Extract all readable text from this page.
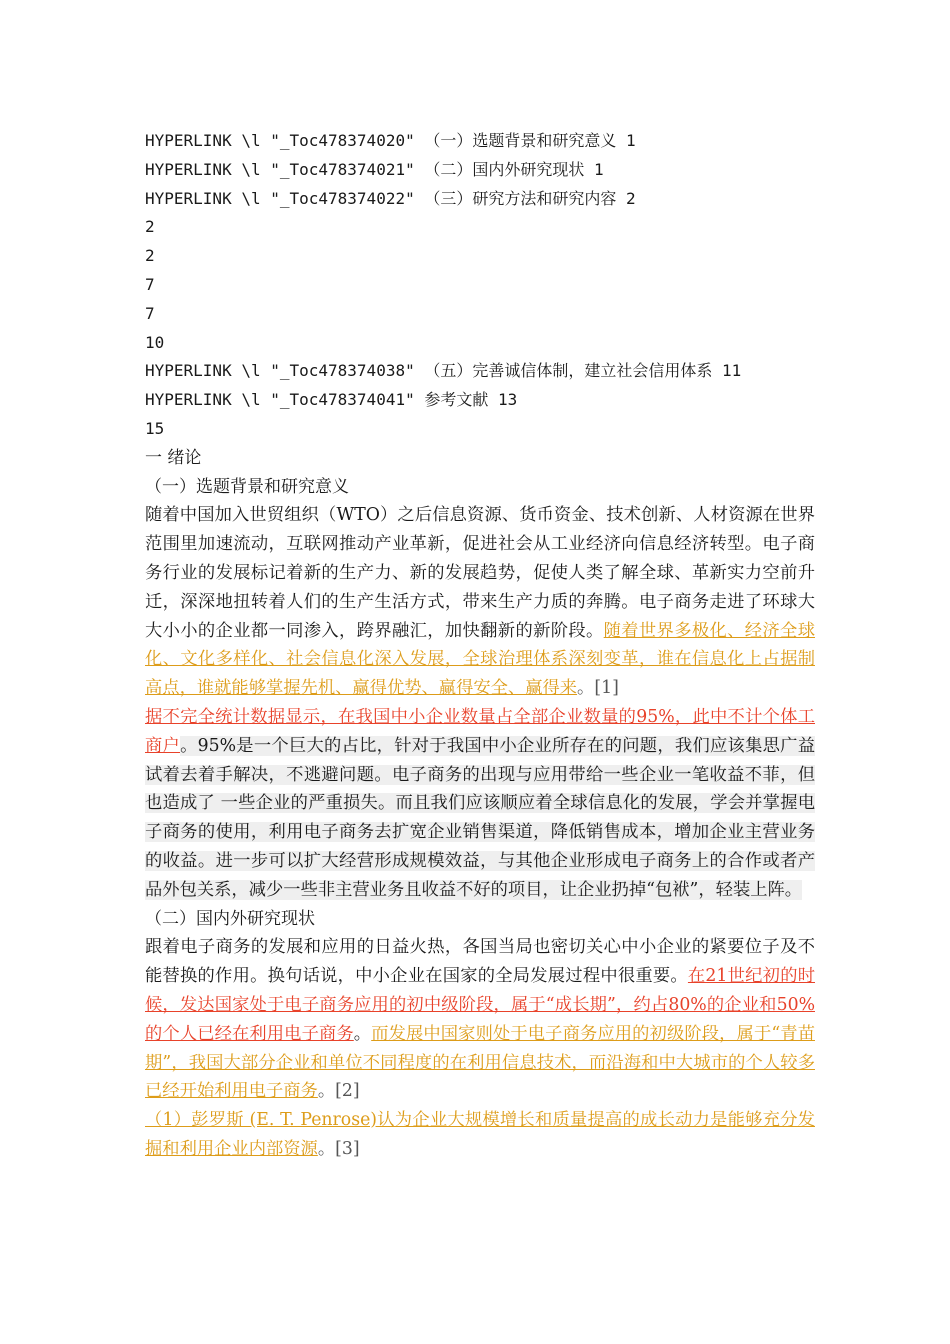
HYPERLINK \l "_Toc478374020" （一）选题背景和研究意义 1
HYPERLINK \l "_Toc478374021" （二）国内外研究现状 1
HYPERLINK \l "_Toc478374022" （三）研究方法和研究内容 2
2
2
7
7
10
HYPERLINK \l "_Toc478374038" （五）完善诚信体制，建立社会信用体系 11
HYPERLINK \l "_Toc478374041" 参考文献 13
15
一 绪论
（一）选题背景和研究意义
随着中国加入世贸组织（WTO）之后信息资源、货币资金、技术创新、人材资源在世界范围里加速流动，互联网推动产业革新，促进社会从工业经济向信息经济转型。电子商务行业的发展标记着新的生产力、新的发展趋势，促使人类了解全球、革新实力空前升迁，深深地扭转着人们的生产生活方式，带来生产力质的奔腾。电子商务走进了环球大大小小的企业都一同渗入，跨界融汇，加快翻新的新阶段。随着世界多极化、经济全球化、文化多样化、社会信息化深入发展，全球治理体系深刻变革，谁在信息化上占据制高点，谁就能够掌握先机、赢得优势、赢得安全、赢得来。[1]
据不完全统计数据显示，在我国中小企业数量占全部企业数量的95%，此中不计个体工商户。95%是一个巨大的占比，针对于我国中小企业所存在的问题，我们应该集思广益试着去着手解决，不逃避问题。电子商务的出现与应用带给一些企业一笔收益不菲，但也造成了 一些企业的严重损失。而且我们应该顺应着全球信息化的发展，学会并掌握电子商务的使用，利用电子商务去扩宽企业销售渠道，降低销售成本，增加企业主营业务的收益。进一步可以扩大经营形成规模效益，与其他企业形成电子商务上的合作或者产品外包关系，减少一些非主营业务且收益不好的项目，让企业扔掉“包袱”，轻装上阵。
（二）国内外研究现状
跟着电子商务的发展和应用的日益火热，各国当局也密切关心中小企业的紧要位子及不能替换的作用。换句话说，中小企业在国家的全局发展过程中很重要。在21世纪初的时候，发达国家处于电子商务应用的初中级阶段，属于“成长期”，约占80%的企业和50%的个人已经在利用电子商务。而发展中国家则处于电子商务应用的初级阶段，属于“青苗期”，我国大部分企业和单位不同程度的在利用信息技术，而沿海和中大城市的个人较多已经开始利用电子商务。[2]
（1）彭罗斯 (E. T. Penrose)认为企业大规模增长和质量提高的成长动力是能够充分发掘和利用企业内部资源。[3]
